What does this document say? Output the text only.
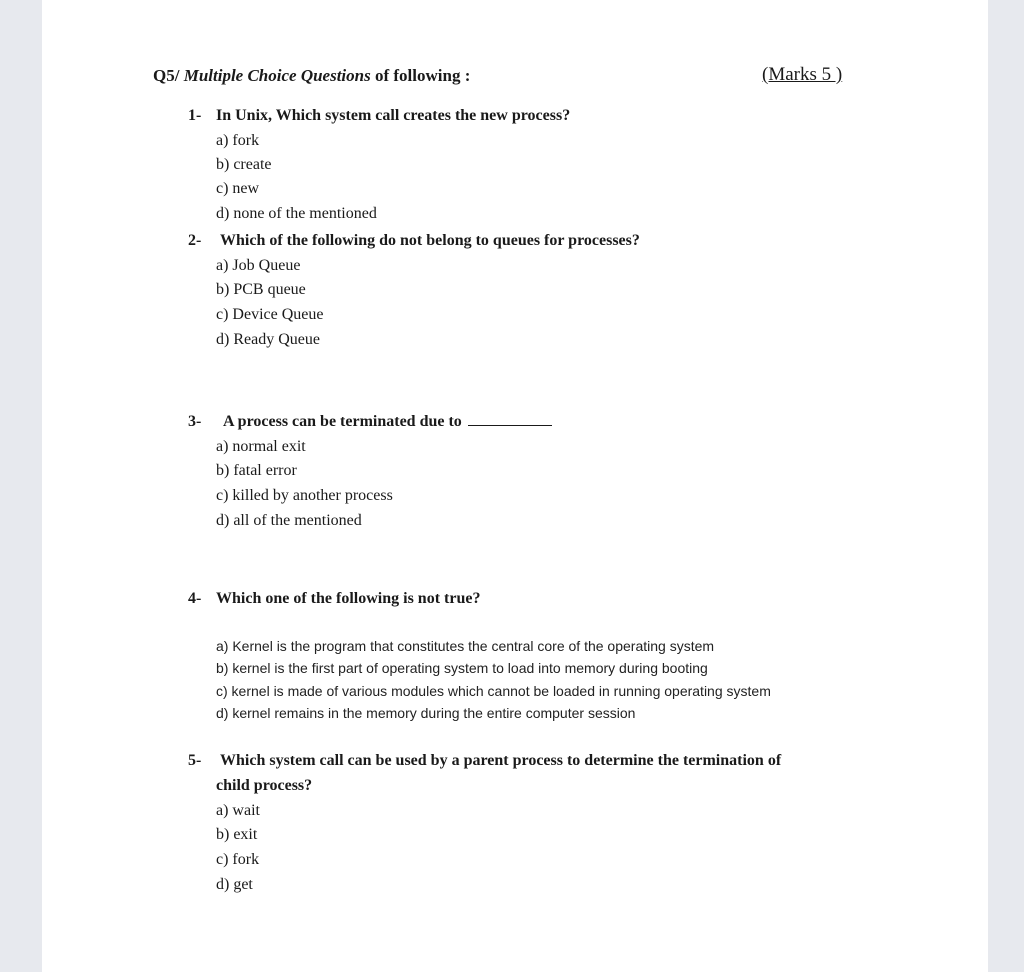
Q5/ Multiple Choice Questions of following :	(Marks 5 )
1- In Unix, Which system call creates the new process?
a) fork
b) create
c) new
d) none of the mentioned
2- Which of the following do not belong to queues for processes?
a) Job Queue
b) PCB queue
c) Device Queue
d) Ready Queue
3- A process can be terminated due to
a) normal exit
b) fatal error
c) killed by another process
d) all of the mentioned
4- Which one of the following is not true?
a) Kernel is the program that constitutes the central core of the operating system
b) kernel is the first part of operating system to load into memory during booting
c) kernel is made of various modules which cannot be loaded in running operating system
d) kernel remains in the memory during the entire computer session
5- Which system call can be used by a parent process to determine the termination of
child process?
a) wait
b) exit
c) fork
d) get
